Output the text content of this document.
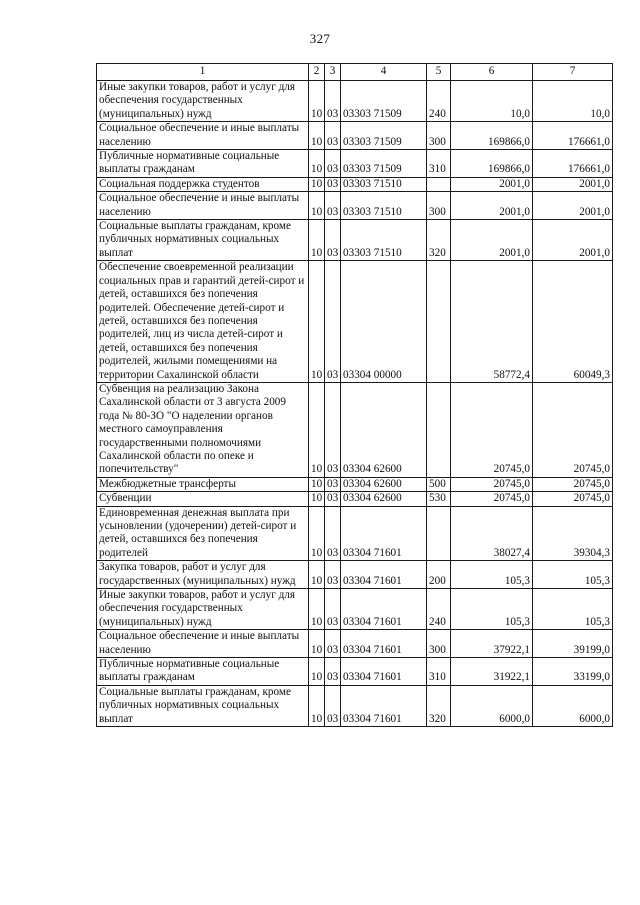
327
1	2	3	4	5	6	7
Иные закупки товаров, работ и услуг для обеспечения государственных (муниципальных) нужд	10	03	03303 71509	240	10,0	10,0
Социальное обеспечение и иные выплаты населению	10	03	03303 71509	300	169866,0	176661,0
Публичные нормативные социальные выплаты гражданам	10	03	03303 71509	310	169866,0	176661,0
Социальная поддержка студентов	10	03	03303 71510		2001,0	2001,0
Социальное обеспечение и иные выплаты населению	10	03	03303 71510	300	2001,0	2001,0
Социальные выплаты гражданам, кроме публичных нормативных социальных выплат	10	03	03303 71510	320	2001,0	2001,0
Обеспечение своевременной реализации социальных прав и гарантий детей-сирот и детей, оставшихся без попечения родителей. Обеспечение детей-сирот и детей, оставшихся без попечения родителей, лиц из числа детей-сирот и детей, оставшихся без попечения родителей, жилыми помещениями на территории Сахалинской области	10	03	03304 00000		58772,4	60049,3
Субвенция на реализацию Закона Сахалинской области от 3 августа 2009 года № 80-ЗО "О наделении органов местного самоуправления государственными полномочиями Сахалинской области по опеке и попечительству"	10	03	03304 62600		20745,0	20745,0
Межбюджетные трансферты	10	03	03304 62600	500	20745,0	20745,0
Субвенции	10	03	03304 62600	530	20745,0	20745,0
Единовременная денежная выплата при усыновлении (удочерении) детей-сирот и детей, оставшихся без попечения родителей	10	03	03304 71601		38027,4	39304,3
Закупка товаров, работ и услуг для государственных (муниципальных) нужд	10	03	03304 71601	200	105,3	105,3
Иные закупки товаров, работ и услуг для обеспечения государственных (муниципальных) нужд	10	03	03304 71601	240	105,3	105,3
Социальное обеспечение и иные выплаты населению	10	03	03304 71601	300	37922,1	39199,0
Публичные нормативные социальные выплаты гражданам	10	03	03304 71601	310	31922,1	33199,0
Социальные выплаты гражданам, кроме публичных нормативных социальных выплат	10	03	03304 71601	320	6000,0	6000,0
